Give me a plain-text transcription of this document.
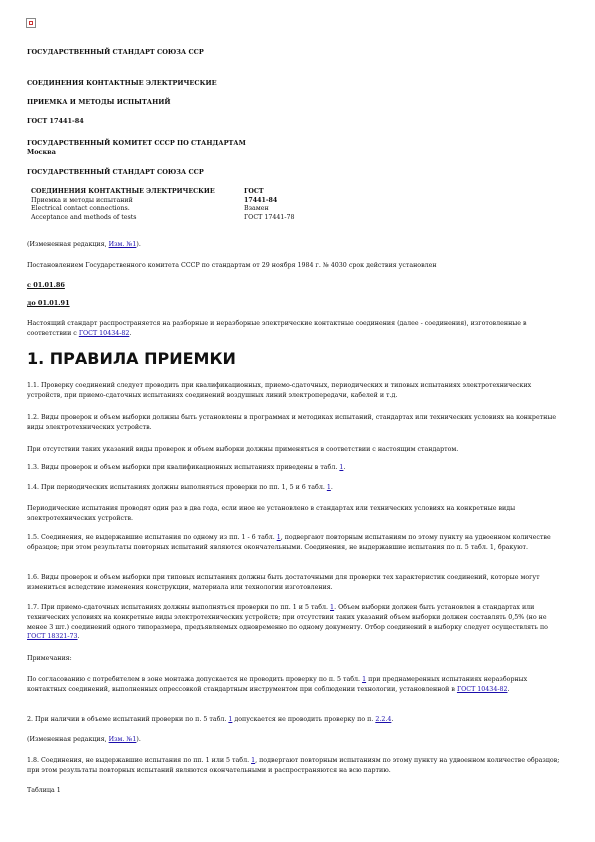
ГОСУДАРСТВЕННЫЙ СТАНДАРТ СОЮЗА ССР
СОЕДИНЕНИЯ КОНТАКТНЫЕ ЭЛЕКТРИЧЕСКИЕ
ПРИЕМКА И МЕТОДЫ ИСПЫТАНИЙ
ГОСТ 17441-84
ГОСУДАРСТВЕННЫЙ КОМИТЕТ СССР ПО СТАНДАРТАМ
Москва
ГОСУДАРСТВЕННЫЙ СТАНДАРТ СОЮЗА ССР
СОЕДИНЕНИЯ КОНТАКТНЫЕ ЭЛЕКТРИЧЕСКИЕ	ГОСТ
Приемка и методы испытаний	17441-84
Electrical contact connections.	Взамен
Acceptance and methods of tests	ГОСТ 17441-78
(Измененная редакция, Изм. №1).
Постановлением Государственного комитета СССР по стандартам от 29 ноября 1984 г. № 4030 срок действия установлен
с 01.01.86
до 01.01.91
Настоящий стандарт распространяется на разборные и неразборные электрические контактные соединения (далее - соединения), изготовленные в соответствии с ГОСТ 10434-82.
1. ПРАВИЛА ПРИЕМКИ
1.1. Проверку соединений следует проводить при квалификационных, приемо-сдаточных, периодических и типовых испытаниях электротехнических устройств, при приемо-сдаточных испытаниях соединений воздушных линий электропередачи, кабелей и т.д.
1.2. Виды проверок и объем выборки должны быть установлены в программах и методиках испытаний, стандартах или технических условиях на конкретные виды электротехнических устройств.
При отсутствии таких указаний виды проверок и объем выборки должны применяться в соответствии с настоящим стандартом.
1.3. Виды проверок и объем выборки при квалификационных испытаниях приведены в табл. 1.
1.4. При периодических испытаниях должны выполняться проверки по пп. 1, 5 и 6 табл. 1.
Периодические испытания проводят один раз в два года, если иное не установлено в стандартах или технических условиях на конкретные виды электротехнических устройств.
1.5. Соединения, не выдержавшие испытания по одному из пп. 1 - 6 табл. 1, подвергают повторным испытаниям по этому пункту на удвоенном количестве образцов; при этом результаты повторных испытаний являются окончательными. Соединения, не выдержавшие испытания по п. 5 табл. 1, бракуют.
1.6. Виды проверок и объем выборки при типовых испытаниях должны быть достаточными для проверки тех характеристик соединений, которые могут измениться вследствие изменения конструкции, материала или технологии изготовления.
1.7. При приемо-сдаточных испытаниях должны выполняться проверки по пп. 1 и 5 табл. 1. Объем выборки должен быть установлен в стандартах или технических условиях на конкретные виды электротехнических устройств; при отсутствии таких указаний объем выборки должен составлять 0,5% (но не менее 3 шт.) соединений одного типоразмера, предъявляемых одновременно по одному документу. Отбор соединений в выборку следует осуществлять по ГОСТ 18321-73.
Примечания:
По согласованию с потребителем в зоне монтажа допускается не проводить проверку по п. 5 табл. 1 при преднамеренных испытаниях неразборных контактных соединений, выполненных опрессовкой стандартным инструментом при соблюдении технологии, установленной в ГОСТ 10434-82.
2. При наличии в объеме испытаний проверки по п. 5 табл. 1 допускается не проводить проверку по п. 2.2.4.
(Измененная редакция, Изм. №1).
1.8. Соединения, не выдержавшие испытания по пп. 1 или 5 табл. 1, подвергают повторным испытаниям по этому пункту на удвоенном количестве образцов; при этом результаты повторных испытаний являются окончательными и распространяются на всю партию.
Таблица 1
